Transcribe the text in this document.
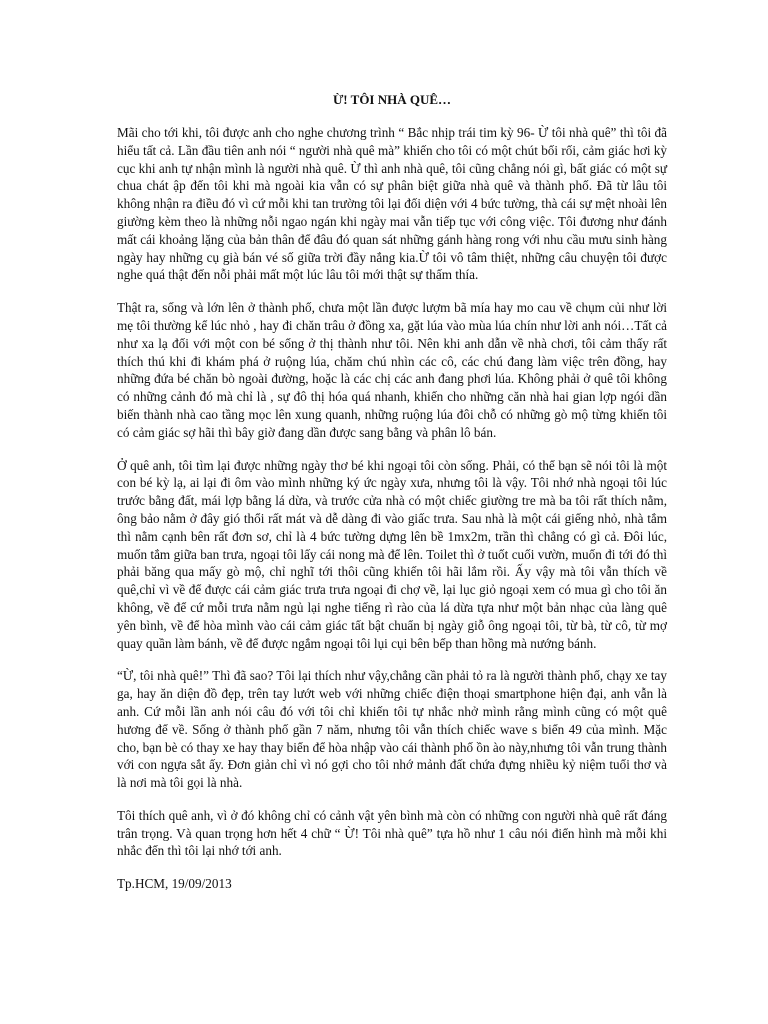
Ừ! TÔI NHÀ QUÊ…

Mãi cho tới khi, tôi được anh cho nghe chương trình “ Bắc nhịp trái tim kỳ 96- Ừ tôi nhà quê” thì tôi đã hiểu tất cả. Lần đầu tiên anh nói “ người nhà quê mà” khiến cho tôi có một chút bối rối, cảm giác hơi kỳ cục khi anh tự nhận mình là người nhà quê. Ừ thì anh nhà quê, tôi cũng chẳng nói gì, bất giác có một sự chua chát ập đến tôi khi mà ngoài kia vẫn có sự phân biệt giữa nhà quê và thành phố. Đã từ lâu tôi không nhận ra điều đó vì cứ mỗi khi tan trường tôi lại đối diện với 4 bức tường, thà cái sự mệt nhoài lên giường kèm theo là những nỗi ngao ngán khi ngày mai vẫn tiếp tục với công việc. Tôi đương như đánh mất cái khoảng lặng của bản thân để đâu đó quan sát những gánh hàng rong với nhu cầu mưu sinh hàng ngày hay những cụ già bán vé số giữa trời đầy nắng kia.Ừ tôi vô tâm thiệt, những câu chuyện tôi được nghe quá thật đến nỗi phải mất một lúc lâu tôi mới thật sự thấm thía.

Thật ra, sống và lớn lên ở thành phố, chưa một lần được lượm bã mía hay mo cau về chụm củi như lời mẹ tôi thường kể lúc nhỏ , hay đi chăn trâu ở đồng xa, gặt lúa vào mùa lúa chín như lời anh nói…Tất cả như xa lạ đối với một con bé sống ở thị thành như tôi. Nên khi anh dẫn về nhà chơi, tôi cảm thấy rất thích thú khi đi khám phá ở ruộng lúa, chăm chú nhìn các cô, các chú đang làm việc trên đồng, hay những đứa bé chăn bò ngoài đường, hoặc là các chị các anh đang phơi lúa. Không phải ở quê tôi không có những cảnh đó mà chỉ là , sự đô thị hóa quá nhanh, khiến cho những căn nhà hai gian lợp ngói dần biến thành nhà cao tầng mọc lên xung quanh, những ruộng lúa đôi chỗ có những gò mộ từng khiến tôi có cảm giác sợ hãi thì bây giờ đang dần được sang bằng và phân lô bán.

Ở quê anh, tôi tìm lại được những ngày thơ bé khi ngoại tôi còn sống. Phải, có thể bạn sẽ nói tôi là một con bé kỳ lạ, ai lại đi ôm vào mình những ký ức ngày xưa, nhưng tôi là vậy. Tôi nhớ nhà ngoại tôi lúc trước bằng đất, mái lợp bằng lá dừa, và trước cửa nhà có một chiếc giường tre mà ba tôi rất thích nằm, ông bảo nằm ở đây gió thổi rất mát và dễ dàng đi vào giấc trưa. Sau nhà là một cái giếng nhỏ, nhà tắm thì nằm cạnh bên rất đơn sơ, chỉ là 4 bức tường dựng lên bề 1mx2m, trần thì chẳng có gì cả. Đôi lúc, muốn tắm giữa ban trưa, ngoại tôi lấy cái nong mà để lên. Toilet thì ở tuốt cuối vườn, muốn đi tới đó thì phải băng qua mấy gò mộ, chỉ nghĩ tới thôi cũng khiến tôi hãi lắm rồi. Ấy vậy mà tôi vẫn thích về quê,chỉ vì về để được cái cảm giác trưa trưa ngoại đi chợ về, lại lục giỏ ngoại xem có mua gì cho tôi ăn không, về để cứ mỗi trưa nằm ngủ lại nghe tiếng rì rào của lá dừa tựa như một bản nhạc của làng quê yên bình, về để hòa mình vào cái cảm giác tất bật chuẩn bị ngày giỗ ông ngoại tôi, từ bà, từ cô, từ mợ quay quần làm bánh, về để được ngắm ngoại tôi lụi cụi bên bếp than hồng mà nướng bánh.

“Ừ, tôi nhà quê!” Thì đã sao? Tôi lại thích như vậy,chẳng cần phải tỏ ra là người thành phố, chạy xe tay ga, hay ăn diện đồ đẹp, trên tay lướt web với những chiếc điện thoại smartphone hiện đại, anh vẫn là anh. Cứ mỗi lần anh nói câu đó với tôi chỉ khiến tôi tự nhắc nhở mình rằng mình cũng có một quê hương để về. Sống ở thành phố gần 7 năm, nhưng tôi vẫn thích chiếc wave s biển 49 của mình. Mặc cho, bạn bè có thay xe hay thay biển để hòa nhập vào cái thành phố ồn ào này,nhưng tôi vẫn trung thành với con ngựa sắt ấy. Đơn giản chỉ vì nó gợi cho tôi nhớ mảnh đất chứa đựng nhiều kỷ niệm tuổi thơ và là nơi mà tôi gọi là nhà.

Tôi thích quê anh, vì ở đó không chỉ có cảnh vật yên bình mà còn có những con người nhà quê rất đáng trân trọng. Và quan trọng hơn hết 4 chữ “ Ừ! Tôi nhà quê” tựa hồ như 1 câu nói điển hình mà mỗi khi nhắc đến thì tôi lại nhớ tới anh.

Tp.HCM, 19/09/2013
